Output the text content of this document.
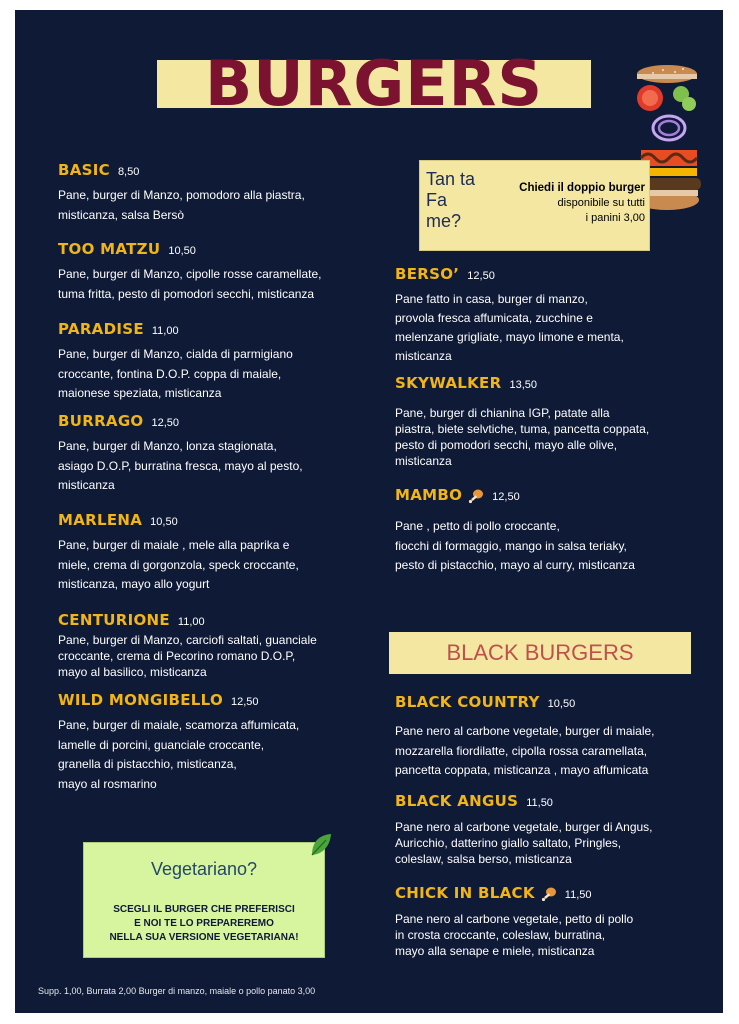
BURGERS
BASIC 8,50
Pane, burger di Manzo, pomodoro alla piastra,
misticanza, salsa Bersò
TOO MATZU 10,50
Pane, burger di Manzo, cipolle rosse caramellate,
tuma fritta, pesto di pomodori secchi, misticanza
PARADISE 11,00
Pane, burger di Manzo, cialda di parmigiano
croccante, fontina D.O.P. coppa di maiale,
maionese speziata, misticanza
BURRAGO 12,50
Pane, burger di Manzo, lonza stagionata,
asiago D.O.P, burratina fresca, mayo al pesto,
misticanza
MARLENA 10,50
Pane, burger di maiale , mele alla paprika e
miele, crema di gorgonzola, speck croccante,
misticanza, mayo allo yogurt
CENTURIONE 11,00
Pane, burger di Manzo, carciofi saltati, guanciale
croccante, crema di Pecorino romano D.O.P,
mayo al basilico, misticanza
WILD MONGIBELLO 12,50
Pane, burger di maiale, scamorza affumicata,
lamelle di porcini, guanciale croccante,
granella di pistacchio, misticanza,
mayo al rosmarino
Tan ta
Fa
me?
Chiedi il doppio burger
disponibile su tutti
i panini 3,00
BERSO’ 12,50
Pane fatto in casa, burger di manzo,
provola fresca affumicata, zucchine e
melenzane grigliate, mayo limone e menta,
misticanza
SKYWALKER 13,50
Pane, burger di chianina IGP, patate alla
piastra, biete selvtiche, tuma, pancetta coppata,
pesto di pomodori secchi, mayo alle olive,
misticanza
MAMBO	12,50
Pane , petto di pollo croccante,
fiocchi di formaggio, mango in salsa teriaky,
pesto di pistacchio, mayo al curry, misticanza
BLACK BURGERS
BLACK COUNTRY 10,50
Pane nero al carbone vegetale, burger di maiale,
mozzarella fiordilatte, cipolla rossa caramellata,
pancetta coppata, misticanza , mayo affumicata
BLACK ANGUS 11,50
Pane nero al carbone vegetale, burger di Angus,
Auricchio, datterino giallo saltato, Pringles,
coleslaw, salsa berso, misticanza
CHICK IN BLACK	11,50
Pane nero al carbone vegetale, petto di pollo
in crosta croccante, coleslaw, burratina,
mayo alla senape e miele, misticanza
Vegetariano?
SCEGLI IL BURGER CHE PREFERISCI
E NOI TE LO PREPAREREMO
NELLA SUA VERSIONE VEGETARIANA!
Supp. 1,00, Burrata 2,00 Burger di manzo, maiale o pollo panato 3,00
